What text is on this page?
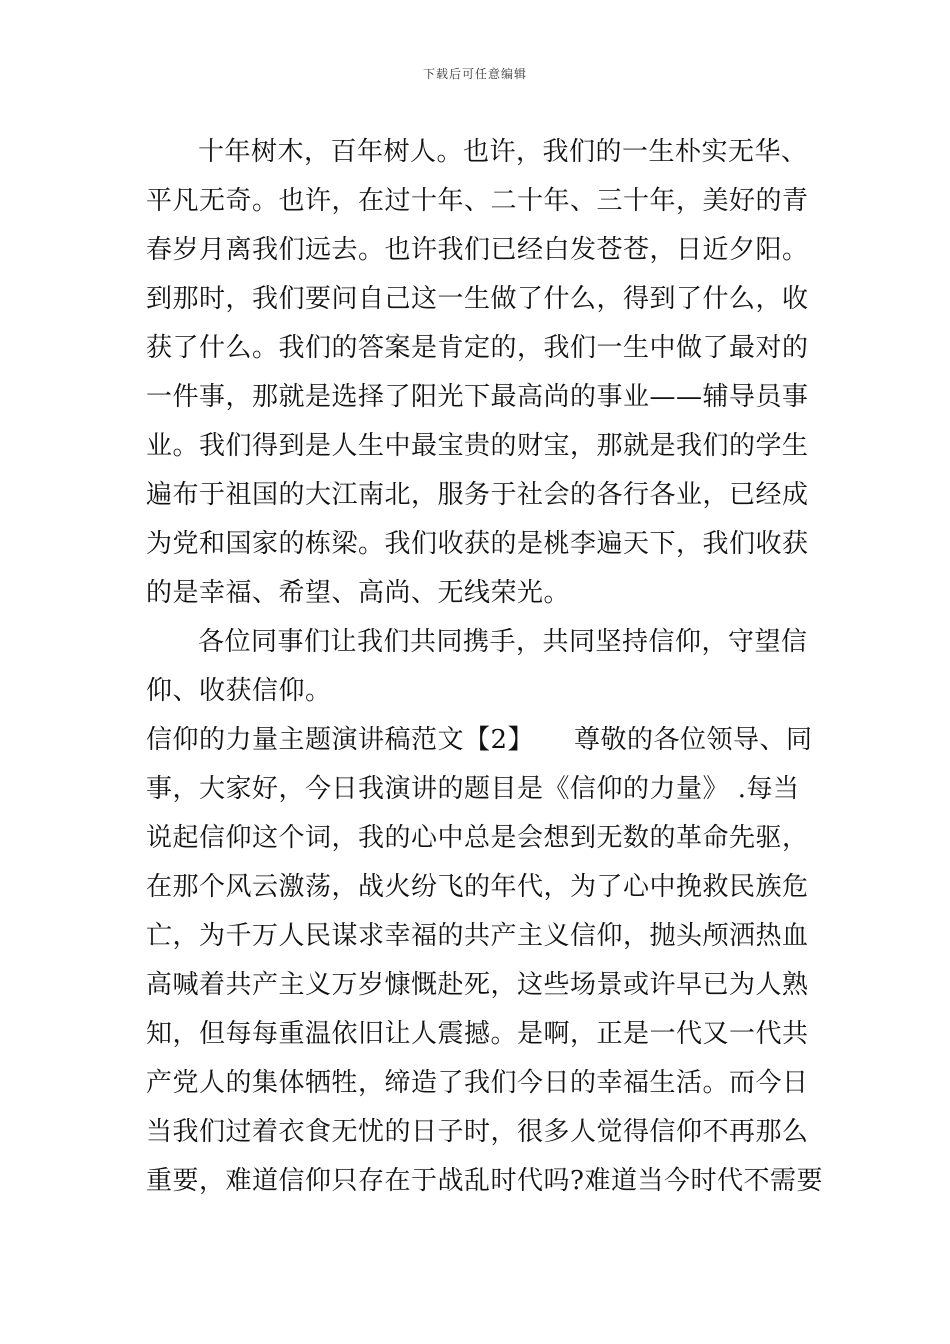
下载后可任意编辑
十年树木，百年树人。也许，我们的一生朴实无华、
平凡无奇。也许，在过十年、二十年、三十年，美好的青
春岁月离我们远去。也许我们已经白发苍苍，日近夕阳。
到那时，我们要问自己这一生做了什么，得到了什么，收
获了什么。我们的答案是肯定的，我们一生中做了最对的
一件事，那就是选择了阳光下最高尚的事业——辅导员事
业。我们得到是人生中最宝贵的财宝，那就是我们的学生
遍布于祖国的大江南北，服务于社会的各行各业，已经成
为党和国家的栋梁。我们收获的是桃李遍天下，我们收获
的是幸福、希望、高尚、无线荣光。
各位同事们让我们共同携手，共同坚持信仰，守望信
仰、收获信仰。
信仰的力量主题演讲稿范文【2】 尊敬的各位领导、同
事，大家好，今日我演讲的题目是《信仰的力量》 .每当
说起信仰这个词，我的心中总是会想到无数的革命先驱，
在那个风云激荡，战火纷飞的年代，为了心中挽救民族危
亡，为千万人民谋求幸福的共产主义信仰，抛头颅洒热血
高喊着共产主义万岁慷慨赴死，这些场景或许早已为人熟
知，但每每重温依旧让人震撼。是啊，正是一代又一代共
产党人的集体牺牲，缔造了我们今日的幸福生活。而今日
当我们过着衣食无忧的日子时，很多人觉得信仰不再那么
重要，难道信仰只存在于战乱时代吗?难道当今时代不需要
